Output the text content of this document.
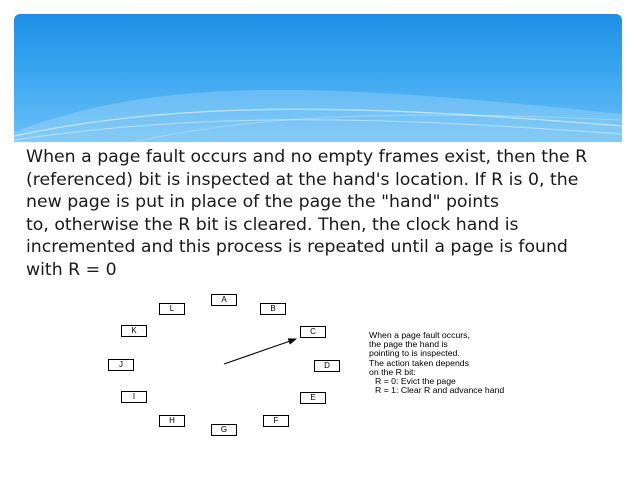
When a page fault occurs and no empty frames exist, then the R
(referenced) bit is inspected at the hand's location. If R is 0, the
new page is put in place of the page the "hand" points
to, otherwise the R bit is cleared. Then, the clock hand is
incremented and this process is repeated until a page is found
with R = 0
A
B
C
D
E
F
G
H
I
J
K
L
When a page fault occurs,
the page the hand is
pointing to is inspected.
The action taken depends
on the R bit:
R = 0: Evict the page
R = 1: Clear R and advance hand
